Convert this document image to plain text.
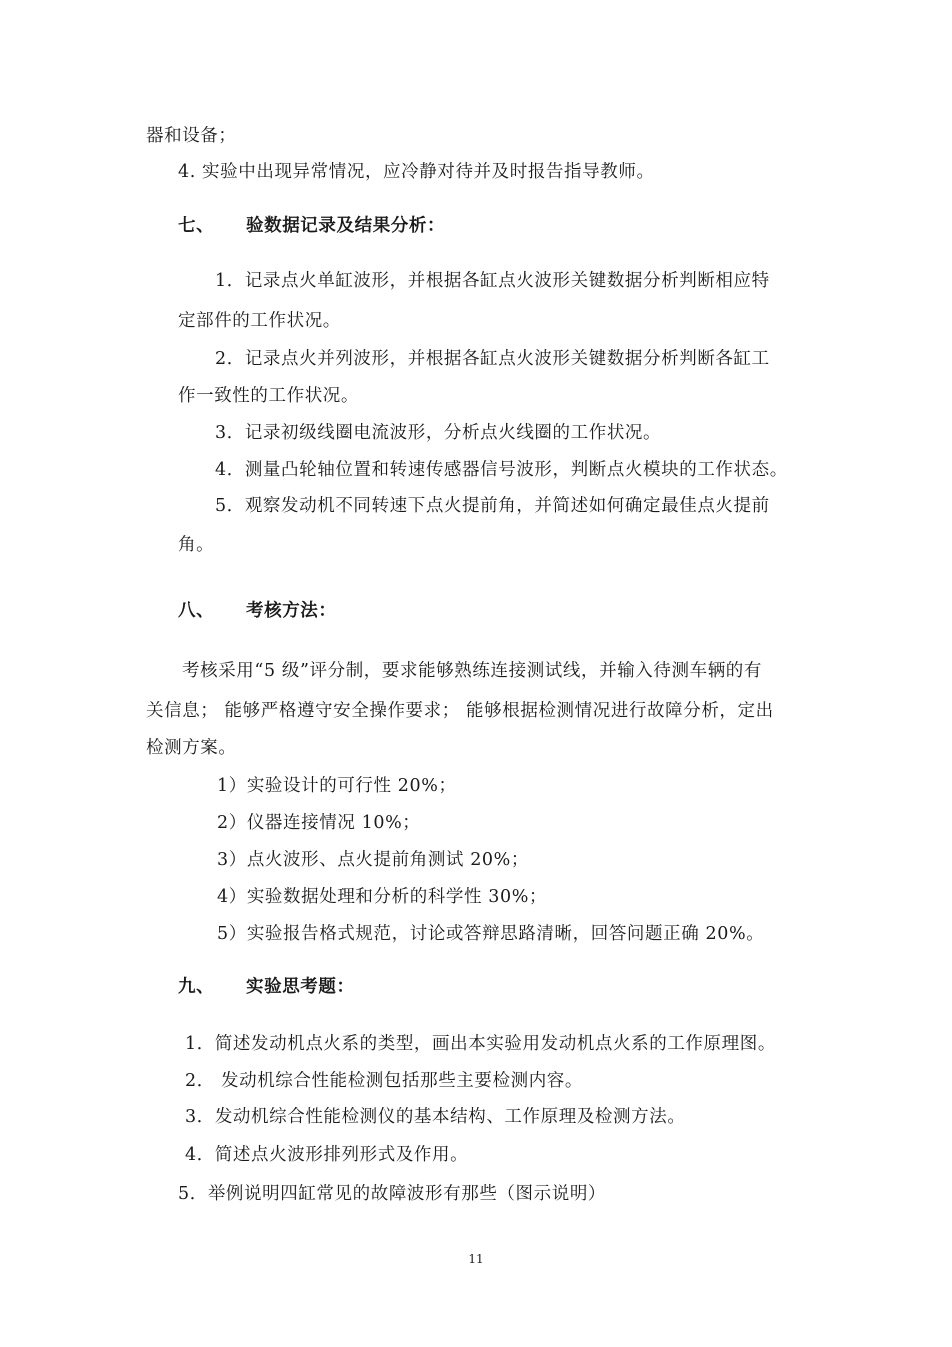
器和设备；
4. 实验中出现异常情况，应冷静对待并及时报告指导教师。
七、 验数据记录及结果分析：
1．记录点火单缸波形，并根据各缸点火波形关键数据分析判断相应特
定部件的工作状况。
2．记录点火并列波形，并根据各缸点火波形关键数据分析判断各缸工
作一致性的工作状况。
3．记录初级线圈电流波形，分析点火线圈的工作状况。
4．测量凸轮轴位置和转速传感器信号波形，判断点火模块的工作状态。
5．观察发动机不同转速下点火提前角，并简述如何确定最佳点火提前
角。
八、 考核方法：
考核采用“5 级”评分制，要求能够熟练连接测试线，并输入待测车辆的有
关信息； 能够严格遵守安全操作要求； 能够根据检测情况进行故障分析，定出
检测方案。
1）实验设计的可行性 20%；
2）仪器连接情况 10%；
3）点火波形、点火提前角测试 20%；
4）实验数据处理和分析的科学性 30%；
5）实验报告格式规范，讨论或答辩思路清晰，回答问题正确 20%。
九、 实验思考题：
1．简述发动机点火系的类型，画出本实验用发动机点火系的工作原理图。
2． 发动机综合性能检测包括那些主要检测内容。
3．发动机综合性能检测仪的基本结构、工作原理及检测方法。
4．简述点火波形排列形式及作用。
5．举例说明四缸常见的故障波形有那些（图示说明）
11
